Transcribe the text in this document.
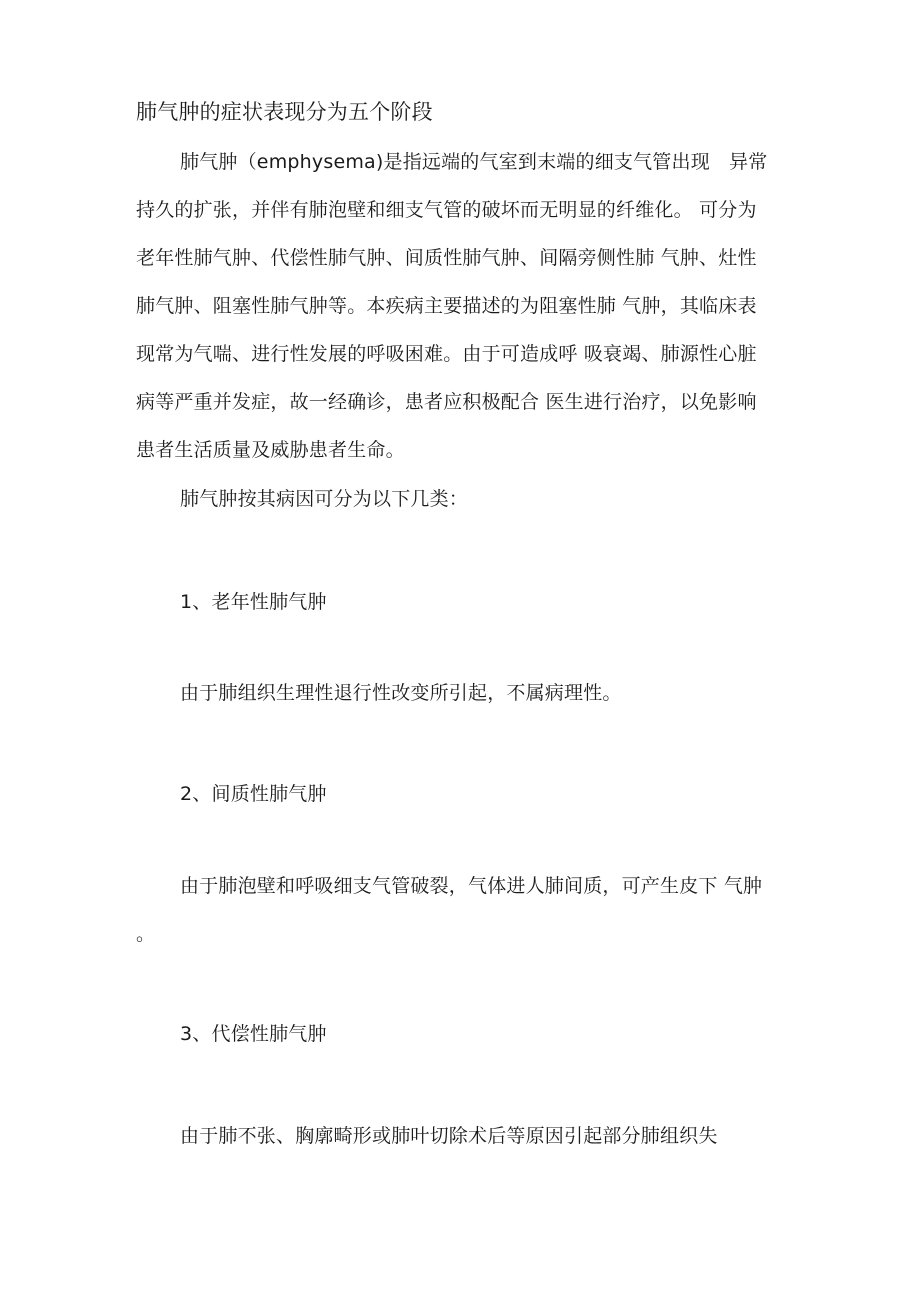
肺气肿的症状表现分为五个阶段
肺气肿（emphysema)是指远端的气室到末端的细支气管出现　异常
持久的扩张，并伴有肺泡壁和细支气管的破坏而无明显的纤维化。 可分为
老年性肺气肿、代偿性肺气肿、间质性肺气肿、间隔旁侧性肺 气肿、灶性
肺气肿、阻塞性肺气肿等。本疾病主要描述的为阻塞性肺 气肿，其临床表
现常为气喘、进行性发展的呼吸困难。由于可造成呼 吸衰竭、肺源性心脏
病等严重并发症，故一经确诊，患者应积极配合 医生进行治疗，以免影响
患者生活质量及威胁患者生命。
肺气肿按其病因可分为以下几类：
1、老年性肺气肿
由于肺组织生理性退行性改变所引起，不属病理性。
2、间质性肺气肿
由于肺泡壁和呼吸细支气管破裂，气体进人肺间质，可产生皮下 气肿
。
3、代偿性肺气肿
由于肺不张、胸廓畸形或肺叶切除术后等原因引起部分肺组织失
